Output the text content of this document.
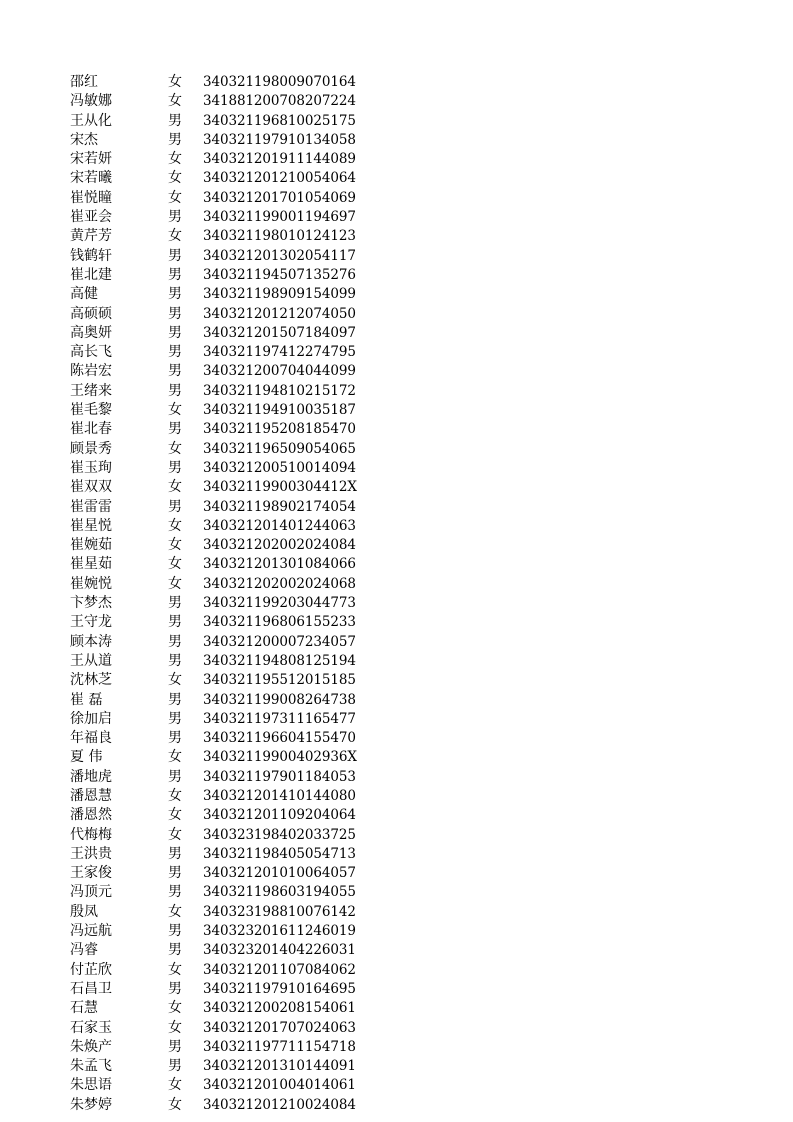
邵红	女 340321198009070164
冯敏娜	女 341881200708207224
王从化	男 340321196810025175
宋杰	男 340321197910134058
宋若妍	女 340321201911144089
宋若曦	女 340321201210054064
崔悦瞳	女 340321201701054069
崔亚会	男 340321199001194697
黄芹芳	女 340321198010124123
钱鹤轩	男 340321201302054117
崔北建	男 340321194507135276
高健	男 340321198909154099
高硕硕	男 340321201212074050
高奥妍	男 340321201507184097
高长飞	男 340321197412274795
陈岩宏	男 340321200704044099
王绪来	男 340321194810215172
崔毛黎	女 340321194910035187
崔北春	男 340321195208185470
顾景秀	女 340321196509054065
崔玉珣	男 340321200510014094
崔双双	女 34032119900304412X
崔雷雷	男 340321198902174054
崔星悦	女 340321201401244063
崔婉茹	女 340321202002024084
崔星茹	女 340321201301084066
崔婉悦	女 340321202002024068
卞梦杰	男 340321199203044773
王守龙	男 340321196806155233
顾本涛	男 340321200007234057
王从道	男 340321194808125194
沈林芝	女 340321195512015185
崔 磊	男 340321199008264738
徐加启	男 340321197311165477
年福良	男 340321196604155470
夏 伟	女 34032119900402936X
潘地虎	男 340321197901184053
潘恩慧	女 340321201410144080
潘恩然	女 340321201109204064
代梅梅	女 340323198402033725
王洪贵	男 340321198405054713
王家俊	男 340321201010064057
冯顶元	男 340321198603194055
殷凤	女 340323198810076142
冯远航	男 340323201611246019
冯睿	男 340323201404226031
付芷欣	女 340321201107084062
石昌卫	男 340321197910164695
石慧	女 340321200208154061
石家玉	女 340321201707024063
朱焕产	男 340321197711154718
朱孟飞	男 340321201310144091
朱思语	女 340321201004014061
朱梦婷	女 340321201210024084
